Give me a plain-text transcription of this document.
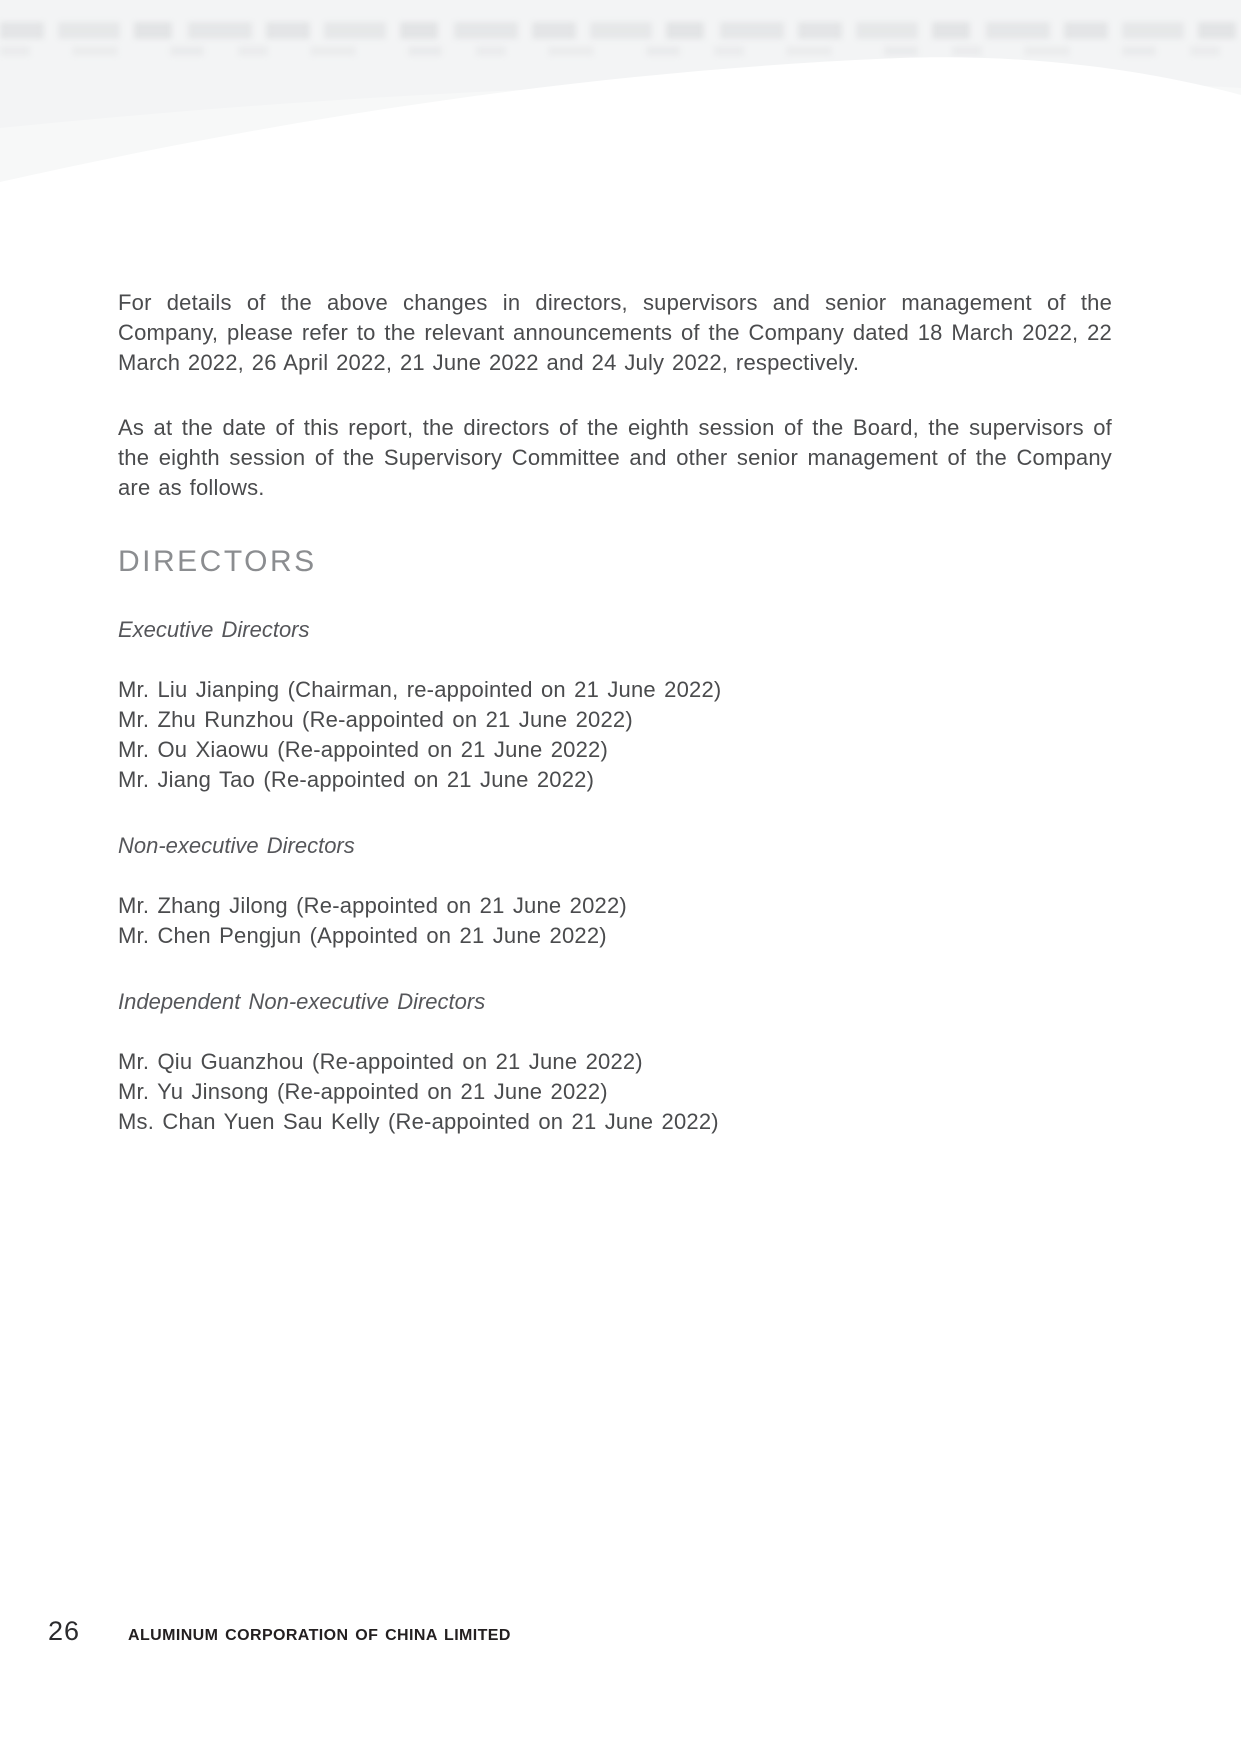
For details of the above changes in directors, supervisors and senior management of the Company, please refer to the relevant announcements of the Company dated 18 March 2022, 22 March 2022, 26 April 2022, 21 June 2022 and 24 July 2022, respectively.

As at the date of this report, the directors of the eighth session of the Board, the supervisors of the eighth session of the Supervisory Committee and other senior management of the Company are as follows.

DIRECTORS
Executive Directors
Mr. Liu Jianping (Chairman, re-appointed on 21 June 2022)
Mr. Zhu Runzhou (Re-appointed on 21 June 2022)
Mr. Ou Xiaowu (Re-appointed on 21 June 2022)
Mr. Jiang Tao (Re-appointed on 21 June 2022)
Non-executive Directors
Mr. Zhang Jilong (Re-appointed on 21 June 2022)
Mr. Chen Pengjun (Appointed on 21 June 2022)
Independent Non-executive Directors
Mr. Qiu Guanzhou (Re-appointed on 21 June 2022)
Mr. Yu Jinsong (Re-appointed on 21 June 2022)
Ms. Chan Yuen Sau Kelly (Re-appointed on 21 June 2022)
26	ALUMINUM CORPORATION OF CHINA LIMITED
